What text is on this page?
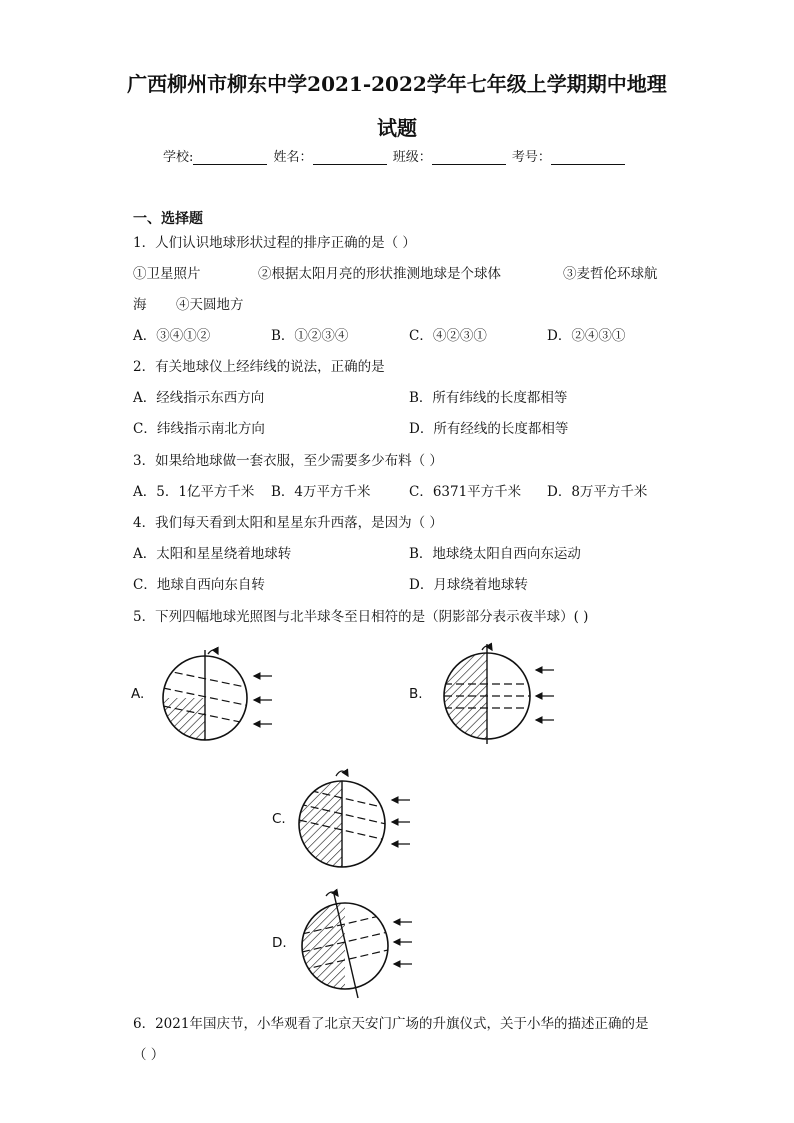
广西柳州市柳东中学2021-2022学年七年级上学期期中地理
试题
学校:	姓名：	班级：	考号：
一、选择题
1．人们认识地球形状过程的排序正确的是（ ）
①卫星照片	②根据太阳月亮的形状推测地球是个球体	③麦哲伦环球航
海 ④天圆地方
A．③④①②	B．①②③④	C．④②③①	D．②④③①
2．有关地球仪上经纬线的说法，正确的是
A．经线指示东西方向	B．所有纬线的长度都相等
C．纬线指示南北方向	D．所有经线的长度都相等
3．如果给地球做一套衣服，至少需要多少布料（ ）
A．5．1亿平方千米 B．4万平方千米	C．6371平方千米 D．8万平方千米
4．我们每天看到太阳和星星东升西落，是因为（ ）
A．太阳和星星绕着地球转	B．地球绕太阳自西向东运动
C．地球自西向东自转	D．月球绕着地球转
5．下列四幅地球光照图与北半球冬至日相符的是（阴影部分表示夜半球）( )
A.	B.
C.
D.
6．2021年国庆节，小华观看了北京天安门广场的升旗仪式，关于小华的描述正确的是
（ ）
